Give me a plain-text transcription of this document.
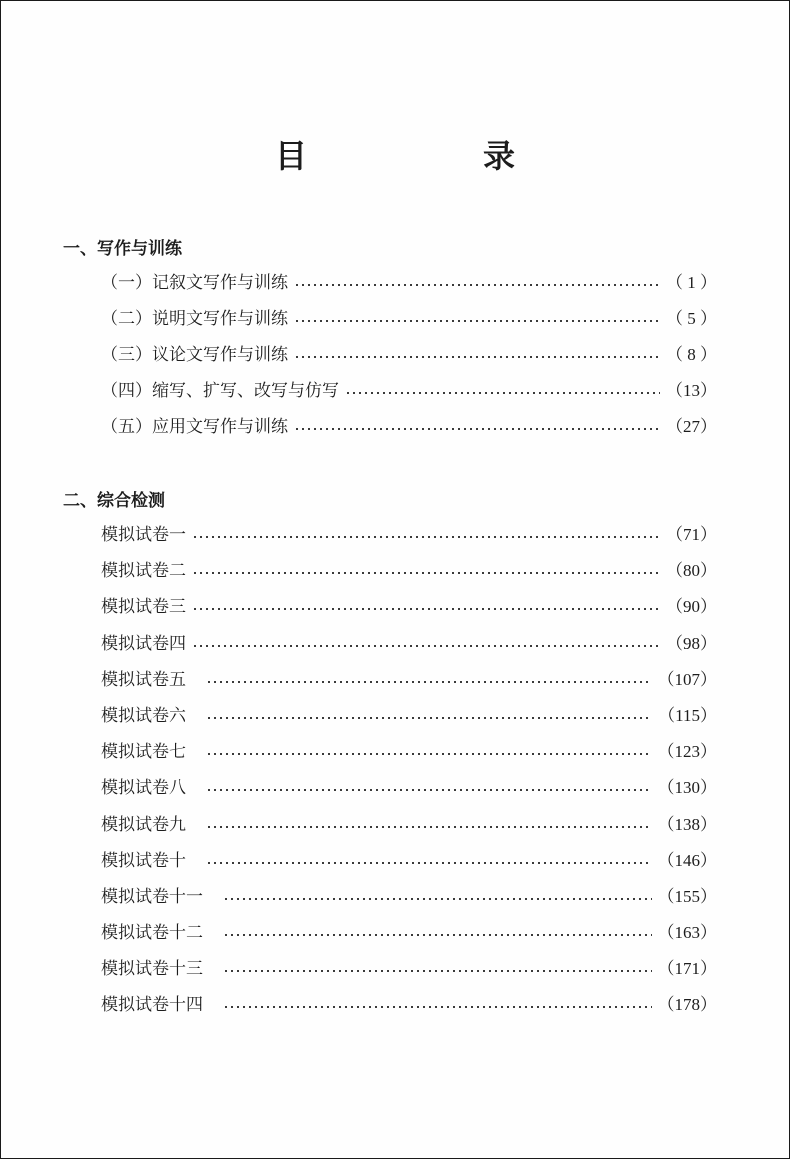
目　录
一、写作与训练
（一）记叙文写作与训练	（ 1 ）
（二）说明文写作与训练	（ 5 ）
（三）议论文写作与训练	（ 8 ）
（四）缩写、扩写、改写与仿写	（13）
（五）应用文写作与训练	（27）
二、综合检测
模拟试卷一	（71）
模拟试卷二	（80）
模拟试卷三	（90）
模拟试卷四	（98）
模拟试卷五	（107）
模拟试卷六	（115）
模拟试卷七	（123）
模拟试卷八	（130）
模拟试卷九	（138）
模拟试卷十	（146）
模拟试卷十一	（155）
模拟试卷十二	（163）
模拟试卷十三	（171）
模拟试卷十四	（178）
